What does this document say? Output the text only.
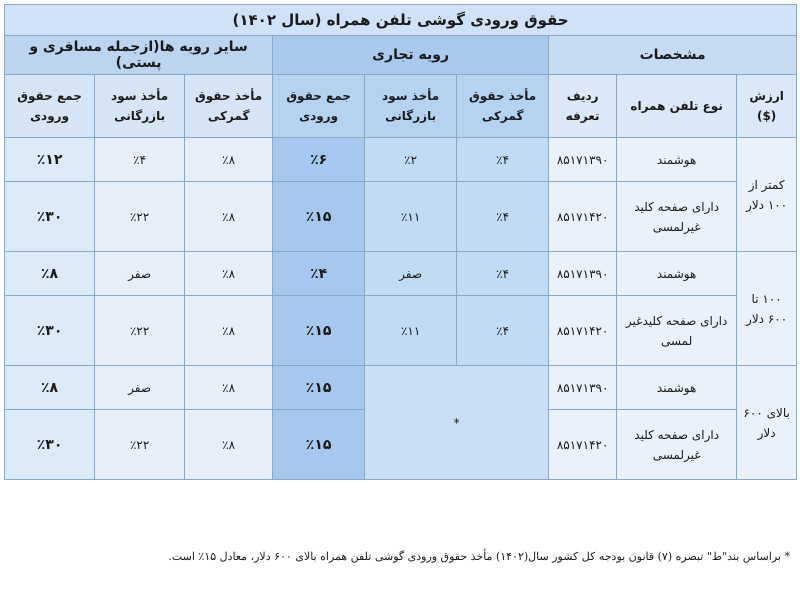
حقوق ورودی گوشی تلفن همراه (سال ۱۴۰۲)								
مشخصات			رویه تجاری			سایر رویه ها(ازجمله مسافری و پستی)		
ارزش ($)	نوع تلفن همراه	ردیف تعرفه	مأخذ حقوق گمرکی	مأخذ سود بازرگانی	جمع حقوق ورودی	مأخذ حقوق گمرکی	مأخذ سود بازرگانی	جمع حقوق ورودی
کمتر از ۱۰۰ دلار	هوشمند	۸۵۱۷۱۳۹۰	٪۴	٪۲	٪۶	٪۸	٪۴	٪۱۲
	دارای صفحه کلید غیرلمسی	۸۵۱۷۱۴۲۰	٪۴	٪۱۱	٪۱۵	٪۸	٪۲۲	٪۳۰
۱۰۰ تا ۶۰۰ دلار	هوشمند	۸۵۱۷۱۳۹۰	٪۴	صفر	٪۴	٪۸	صفر	٪۸
	دارای صفحه کلیدغیر لمسی	۸۵۱۷۱۴۲۰	٪۴	٪۱۱	٪۱۵	٪۸	٪۲۲	٪۳۰
بالای ۶۰۰ دلار	هوشمند	۸۵۱۷۱۳۹۰	*		٪۱۵	٪۸	صفر	٪۸
	دارای صفحه کلید غیرلمسی	۸۵۱۷۱۴۲۰			٪۱۵	٪۸	٪۲۲	٪۳۰
* براساس بند"ط" تبصره (۷) قانون بودجه کل کشور سال(۱۴۰۲) مأخذ حقوق ورودی گوشی تلفن همراه بالای ۶۰۰ دلار، معادل ۱۵٪ است.
